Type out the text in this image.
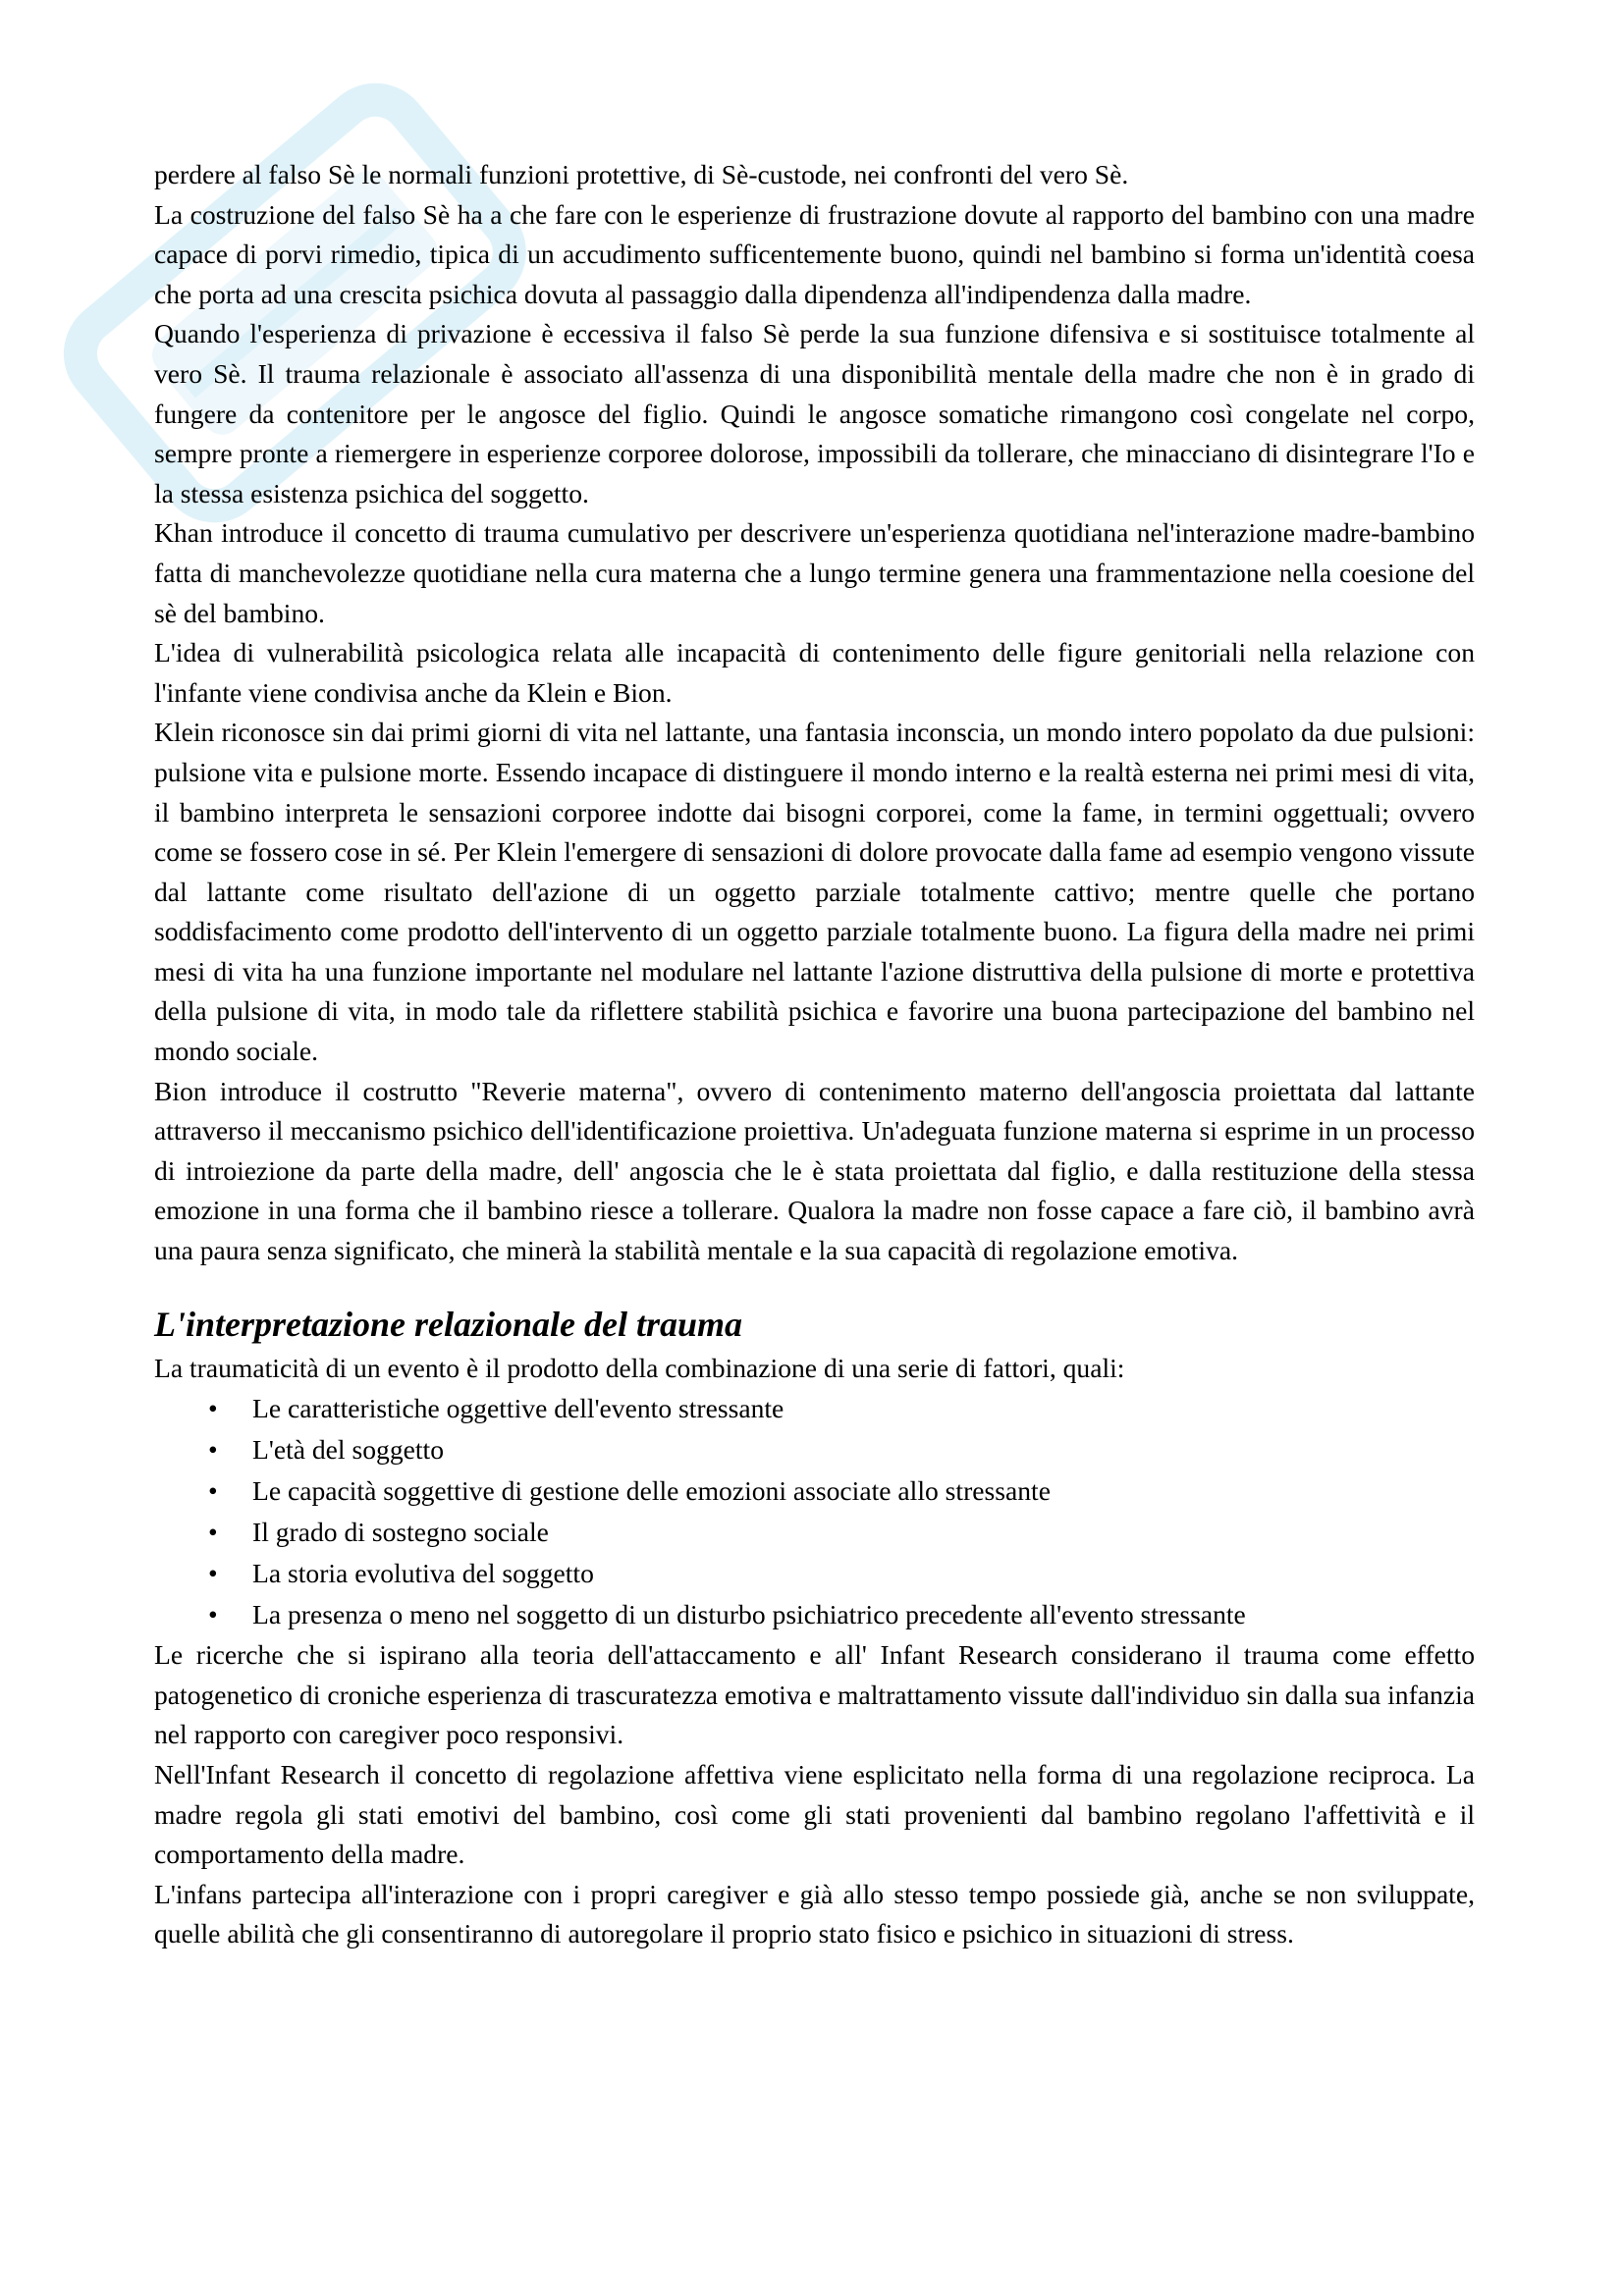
perdere al falso Sè le normali funzioni protettive, di Sè-custode, nei confronti del vero Sè.

La costruzione del falso Sè ha a che fare con le esperienze di frustrazione dovute al rapporto del bambino con una madre capace di porvi rimedio, tipica di un accudimento sufficentemente buono, quindi nel bambino si forma un'identità coesa che porta ad una crescita psichica dovuta al passaggio dalla dipendenza all'indipendenza dalla madre.

Quando l'esperienza di privazione è eccessiva il falso Sè perde la sua funzione difensiva e si sostituisce totalmente al vero Sè. Il trauma relazionale è associato all'assenza di una disponibilità mentale della madre che non è in grado di fungere da contenitore per le angosce del figlio. Quindi le angosce somatiche rimangono così congelate nel corpo, sempre pronte a riemergere in esperienze corporee dolorose, impossibili da tollerare, che minacciano di disintegrare l'Io e la stessa esistenza psichica del soggetto.

Khan introduce il concetto di trauma cumulativo per descrivere un'esperienza quotidiana nel'interazione madre-bambino fatta di manchevolezze quotidiane nella cura materna che a lungo termine genera una frammentazione nella coesione del sè del bambino.

L'idea di vulnerabilità psicologica relata alle incapacità di contenimento delle figure genitoriali nella relazione con l'infante viene condivisa anche da Klein e Bion.

Klein riconosce sin dai primi giorni di vita nel lattante, una fantasia inconscia, un mondo intero popolato da due pulsioni: pulsione vita e pulsione morte. Essendo incapace di distinguere il mondo interno e la realtà esterna nei primi mesi di vita, il bambino interpreta le sensazioni corporee indotte dai bisogni corporei, come la fame, in termini oggettuali; ovvero come se fossero cose in sé. Per Klein l'emergere di sensazioni di dolore provocate dalla fame ad esempio vengono vissute dal lattante come risultato dell'azione di un oggetto parziale totalmente cattivo; mentre quelle che portano soddisfacimento come prodotto dell'intervento di un oggetto parziale totalmente buono. La figura della madre nei primi mesi di vita ha una funzione importante nel modulare nel lattante l'azione distruttiva della pulsione di morte e protettiva della pulsione di vita, in modo tale da riflettere stabilità psichica e favorire una buona partecipazione del bambino nel mondo sociale.

Bion introduce il costrutto "Reverie materna", ovvero di contenimento materno dell'angoscia proiettata dal lattante attraverso il meccanismo psichico dell'identificazione proiettiva. Un'adeguata funzione materna si esprime in un processo di introiezione da parte della madre, dell' angoscia che le è stata proiettata dal figlio, e dalla restituzione della stessa emozione in una forma che il bambino riesce a tollerare. Qualora la madre non fosse capace a fare ciò, il bambino avrà una paura senza significato, che minerà la stabilità mentale e la sua capacità di regolazione emotiva.

L'interpretazione relazionale del trauma

La traumaticità di un evento è il prodotto della combinazione di una serie di fattori, quali:

• Le caratteristiche oggettive dell'evento stressante
• L'età del soggetto
• Le capacità soggettive di gestione delle emozioni associate allo stressante
• Il grado di sostegno sociale
• La storia evolutiva del soggetto
• La presenza o meno nel soggetto di un disturbo psichiatrico precedente all'evento stressante

Le ricerche che si ispirano alla teoria dell'attaccamento e all' Infant Research considerano il trauma come effetto patogenetico di croniche esperienza di trascuratezza emotiva e maltrattamento vissute dall'individuo sin dalla sua infanzia nel rapporto con caregiver poco responsivi.

Nell'Infant Research il concetto di regolazione affettiva viene esplicitato nella forma di una regolazione reciproca. La madre regola gli stati emotivi del bambino, così come gli stati provenienti dal bambino regolano l'affettività e il comportamento della madre.

L'infans partecipa all'interazione con i propri caregiver e già allo stesso tempo possiede già, anche se non sviluppate, quelle abilità che gli consentiranno di autoregolare il proprio stato fisico e psichico in situazioni di stress.
